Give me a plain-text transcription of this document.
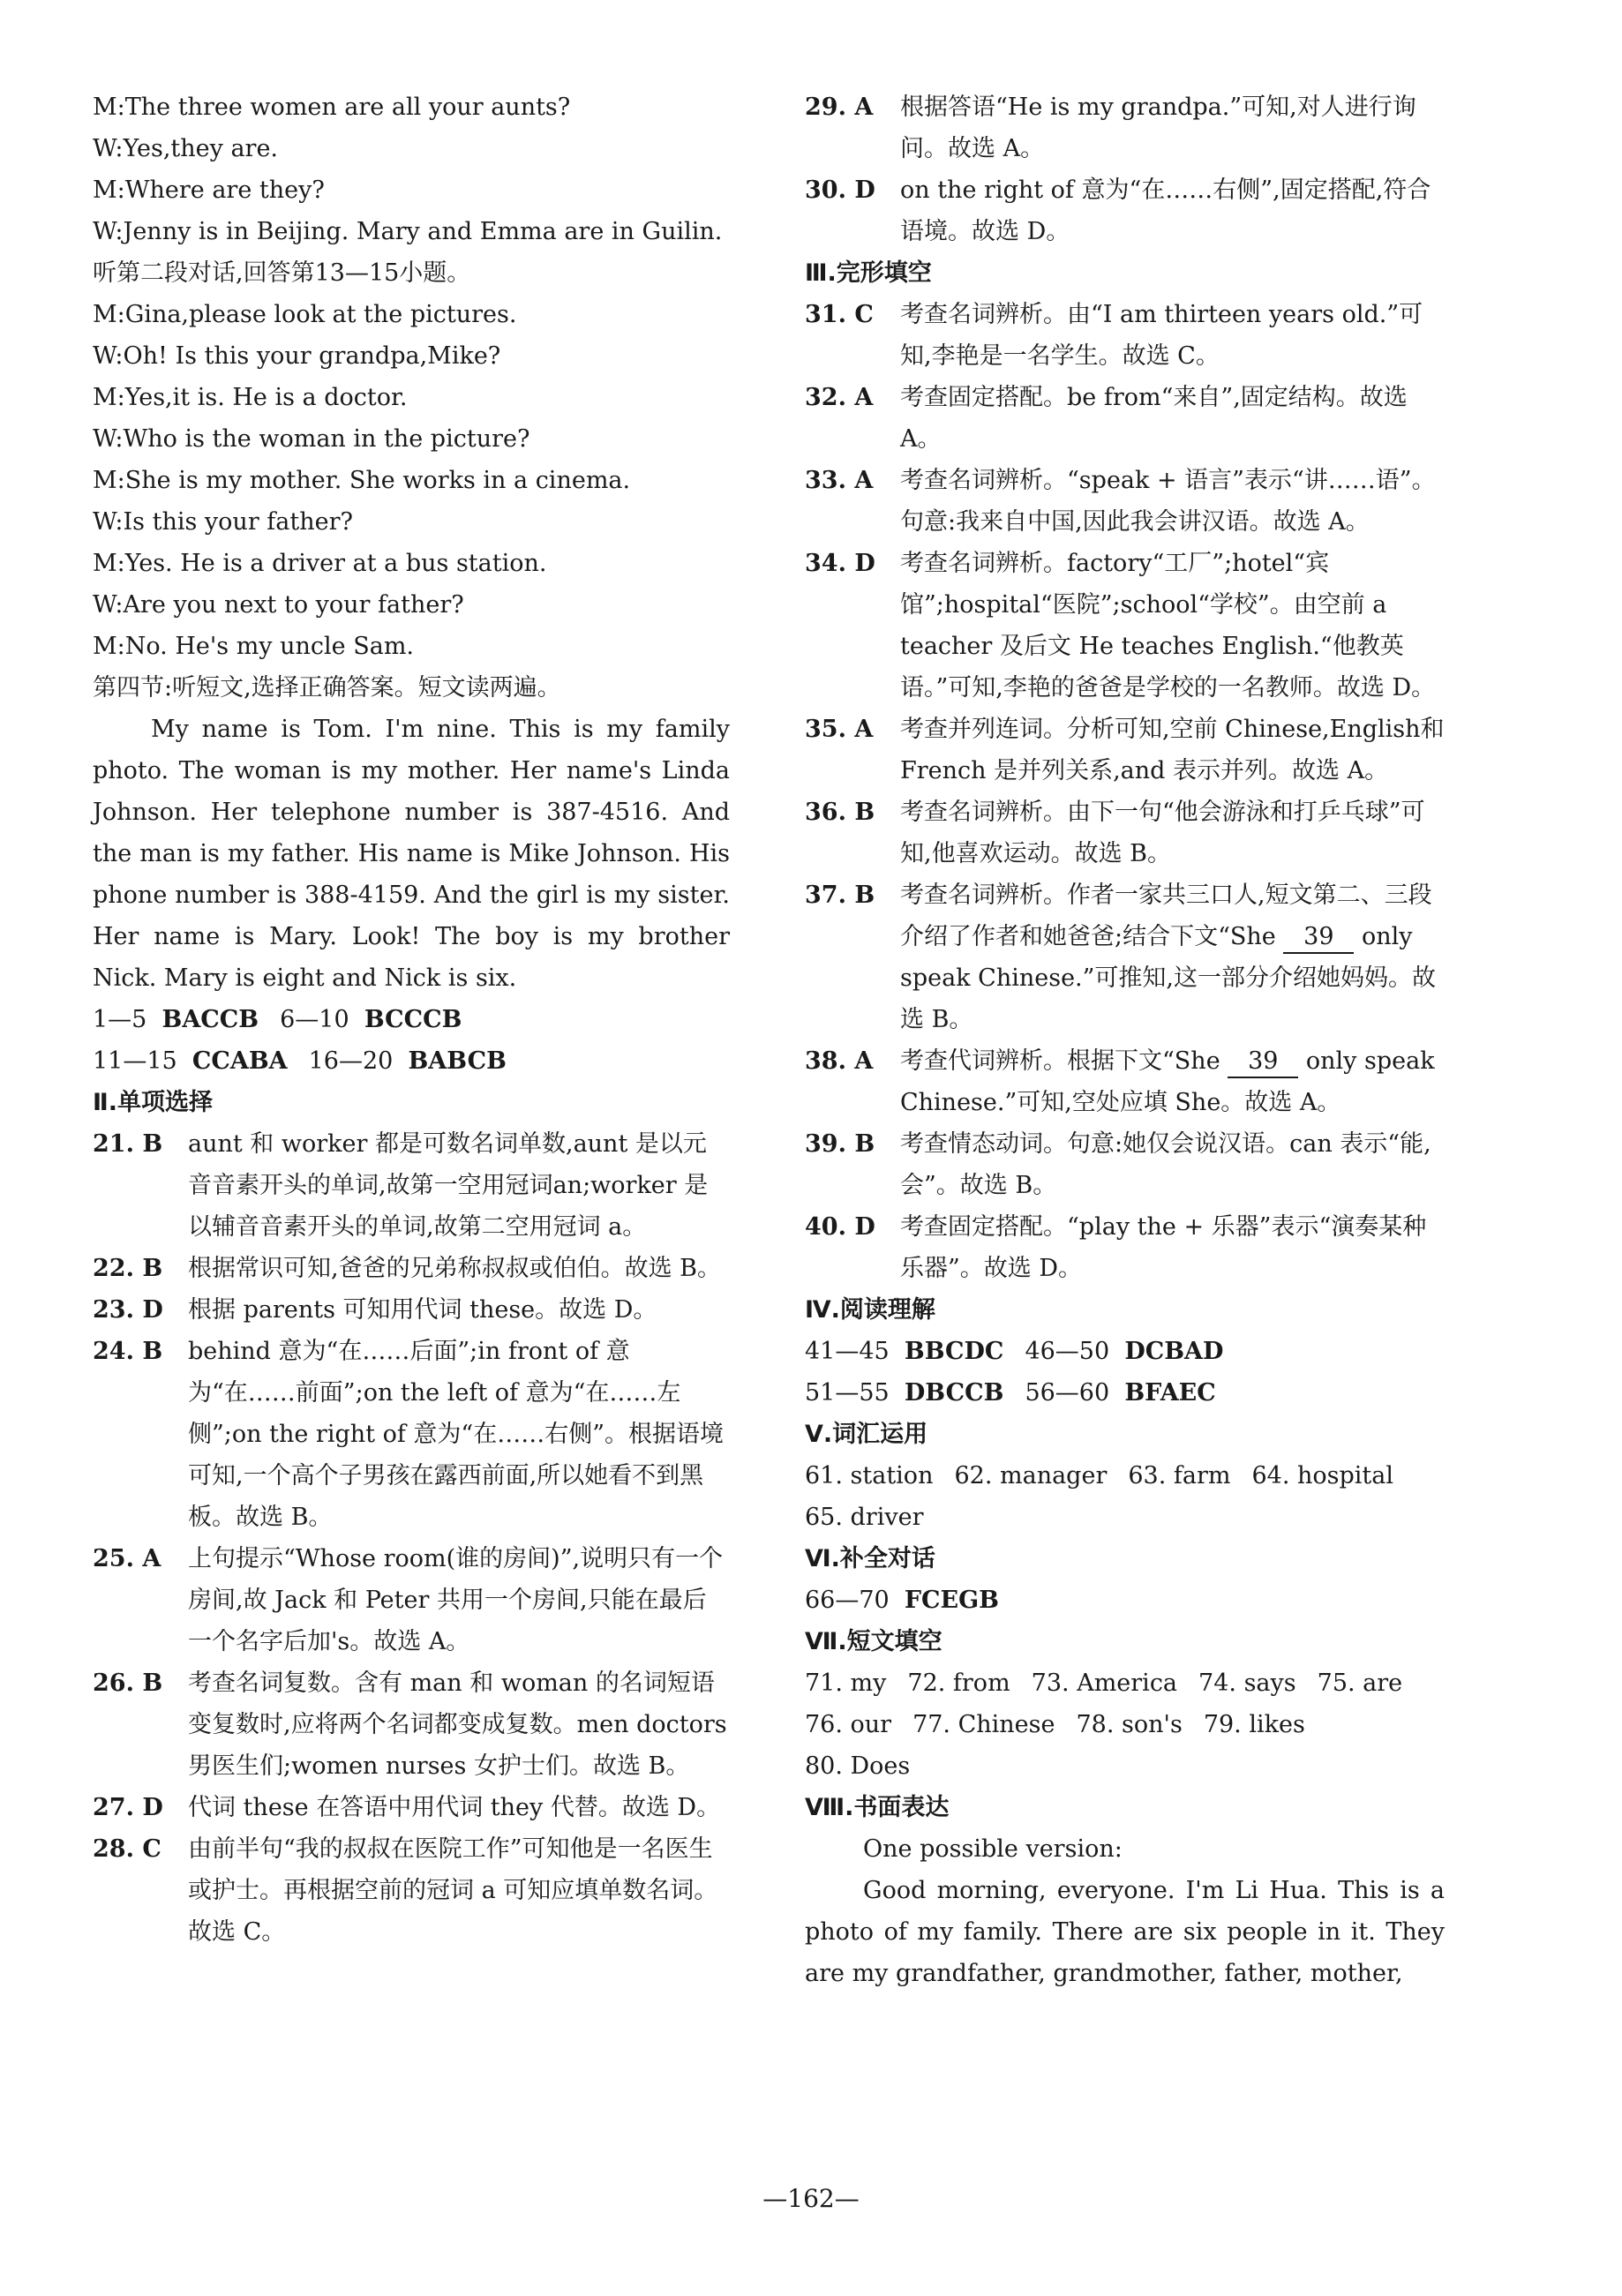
M:The three women are all your aunts?
W:Yes,they are.
M:Where are they?
W:Jenny is in Beijing. Mary and Emma are in Guilin.
听第二段对话,回答第13—15小题。
M:Gina,please look at the pictures.
W:Oh! Is this your grandpa,Mike?
M:Yes,it is. He is a doctor.
W:Who is the woman in the picture?
M:She is my mother. She works in a cinema.
W:Is this your father?
M:Yes. He is a driver at a bus station.
W:Are you next to your father?
M:No. He's my uncle Sam.
第四节:听短文,选择正确答案。短文读两遍。
My name is Tom. I'm nine. This is my family photo. The woman is my mother. Her name's Linda Johnson. Her telephone number is 387-4516. And the man is my father. His name is Mike Johnson. His phone number is 388-4159. And the girl is my sister. Her name is Mary. Look! The boy is my brother Nick. Mary is eight and Nick is six.
1—5 BACCB 6—10 BCCCB
11—15 CCABA 16—20 BABCB
Ⅱ.单项选择
21. B	aunt 和 worker 都是可数名词单数,aunt 是以元音音素开头的单词,故第一空用冠词an;worker 是以辅音音素开头的单词,故第二空用冠词 a。
22. B	根据常识可知,爸爸的兄弟称叔叔或伯伯。故选 B。
23. D	根据 parents 可知用代词 these。故选 D。
24. B	behind 意为“在……后面”;in front of 意为“在……前面”;on the left of 意为“在……左侧”;on the right of 意为“在……右侧”。根据语境可知,一个高个子男孩在露西前面,所以她看不到黑板。故选 B。
25. A	上句提示“Whose room(谁的房间)”,说明只有一个房间,故 Jack 和 Peter 共用一个房间,只能在最后一个名字后加's。故选 A。
26. B	考查名词复数。含有 man 和 woman 的名词短语变复数时,应将两个名词都变成复数。men doctors 男医生们;women nurses 女护士们。故选 B。
27. D	代词 these 在答语中用代词 they 代替。故选 D。
28. C	由前半句“我的叔叔在医院工作”可知他是一名医生或护士。再根据空前的冠词 a 可知应填单数名词。故选 C。
29. A	根据答语“He is my grandpa.”可知,对人进行询问。故选 A。
30. D	on the right of 意为“在……右侧”,固定搭配,符合语境。故选 D。
Ⅲ.完形填空
31. C	考查名词辨析。由“I am thirteen years old.”可知,李艳是一名学生。故选 C。
32. A	考查固定搭配。be from“来自”,固定结构。故选 A。
33. A	考查名词辨析。“speak + 语言”表示“讲……语”。句意:我来自中国,因此我会讲汉语。故选 A。
34. D	考查名词辨析。factory“工厂”;hotel“宾馆”;hospital“医院”;school“学校”。由空前 a teacher 及后文 He teaches English.“他教英语。”可知,李艳的爸爸是学校的一名教师。故选 D。
35. A	考查并列连词。分析可知,空前 Chinese,English和 French 是并列关系,and 表示并列。故选 A。
36. B	考查名词辨析。由下一句“他会游泳和打乒乓球”可知,他喜欢运动。故选 B。
37. B	考查名词辨析。作者一家共三口人,短文第二、三段介绍了作者和她爸爸;结合下文“She 39 only speak Chinese.”可推知,这一部分介绍她妈妈。故选 B。
38. A	考查代词辨析。根据下文“She 39 only speak Chinese.”可知,空处应填 She。故选 A。
39. B	考查情态动词。句意:她仅会说汉语。can 表示“能,会”。故选 B。
40. D	考查固定搭配。“play the + 乐器”表示“演奏某种乐器”。故选 D。
Ⅳ.阅读理解
41—45 BBCDC 46—50 DCBAD
51—55 DBCCB 56—60 BFAEC
Ⅴ.词汇运用
61. station 62. manager 63. farm 64. hospital
65. driver
Ⅵ.补全对话
66—70 FCEGB
Ⅶ.短文填空
71. my 72. from 73. America 74. says 75. are
76. our 77. Chinese 78. son's 79. likes
80. Does
Ⅷ.书面表达
One possible version:
Good morning, everyone. I'm Li Hua. This is a photo of my family. There are six people in it. They are my grandfather, grandmother, father, mother,
—162—
